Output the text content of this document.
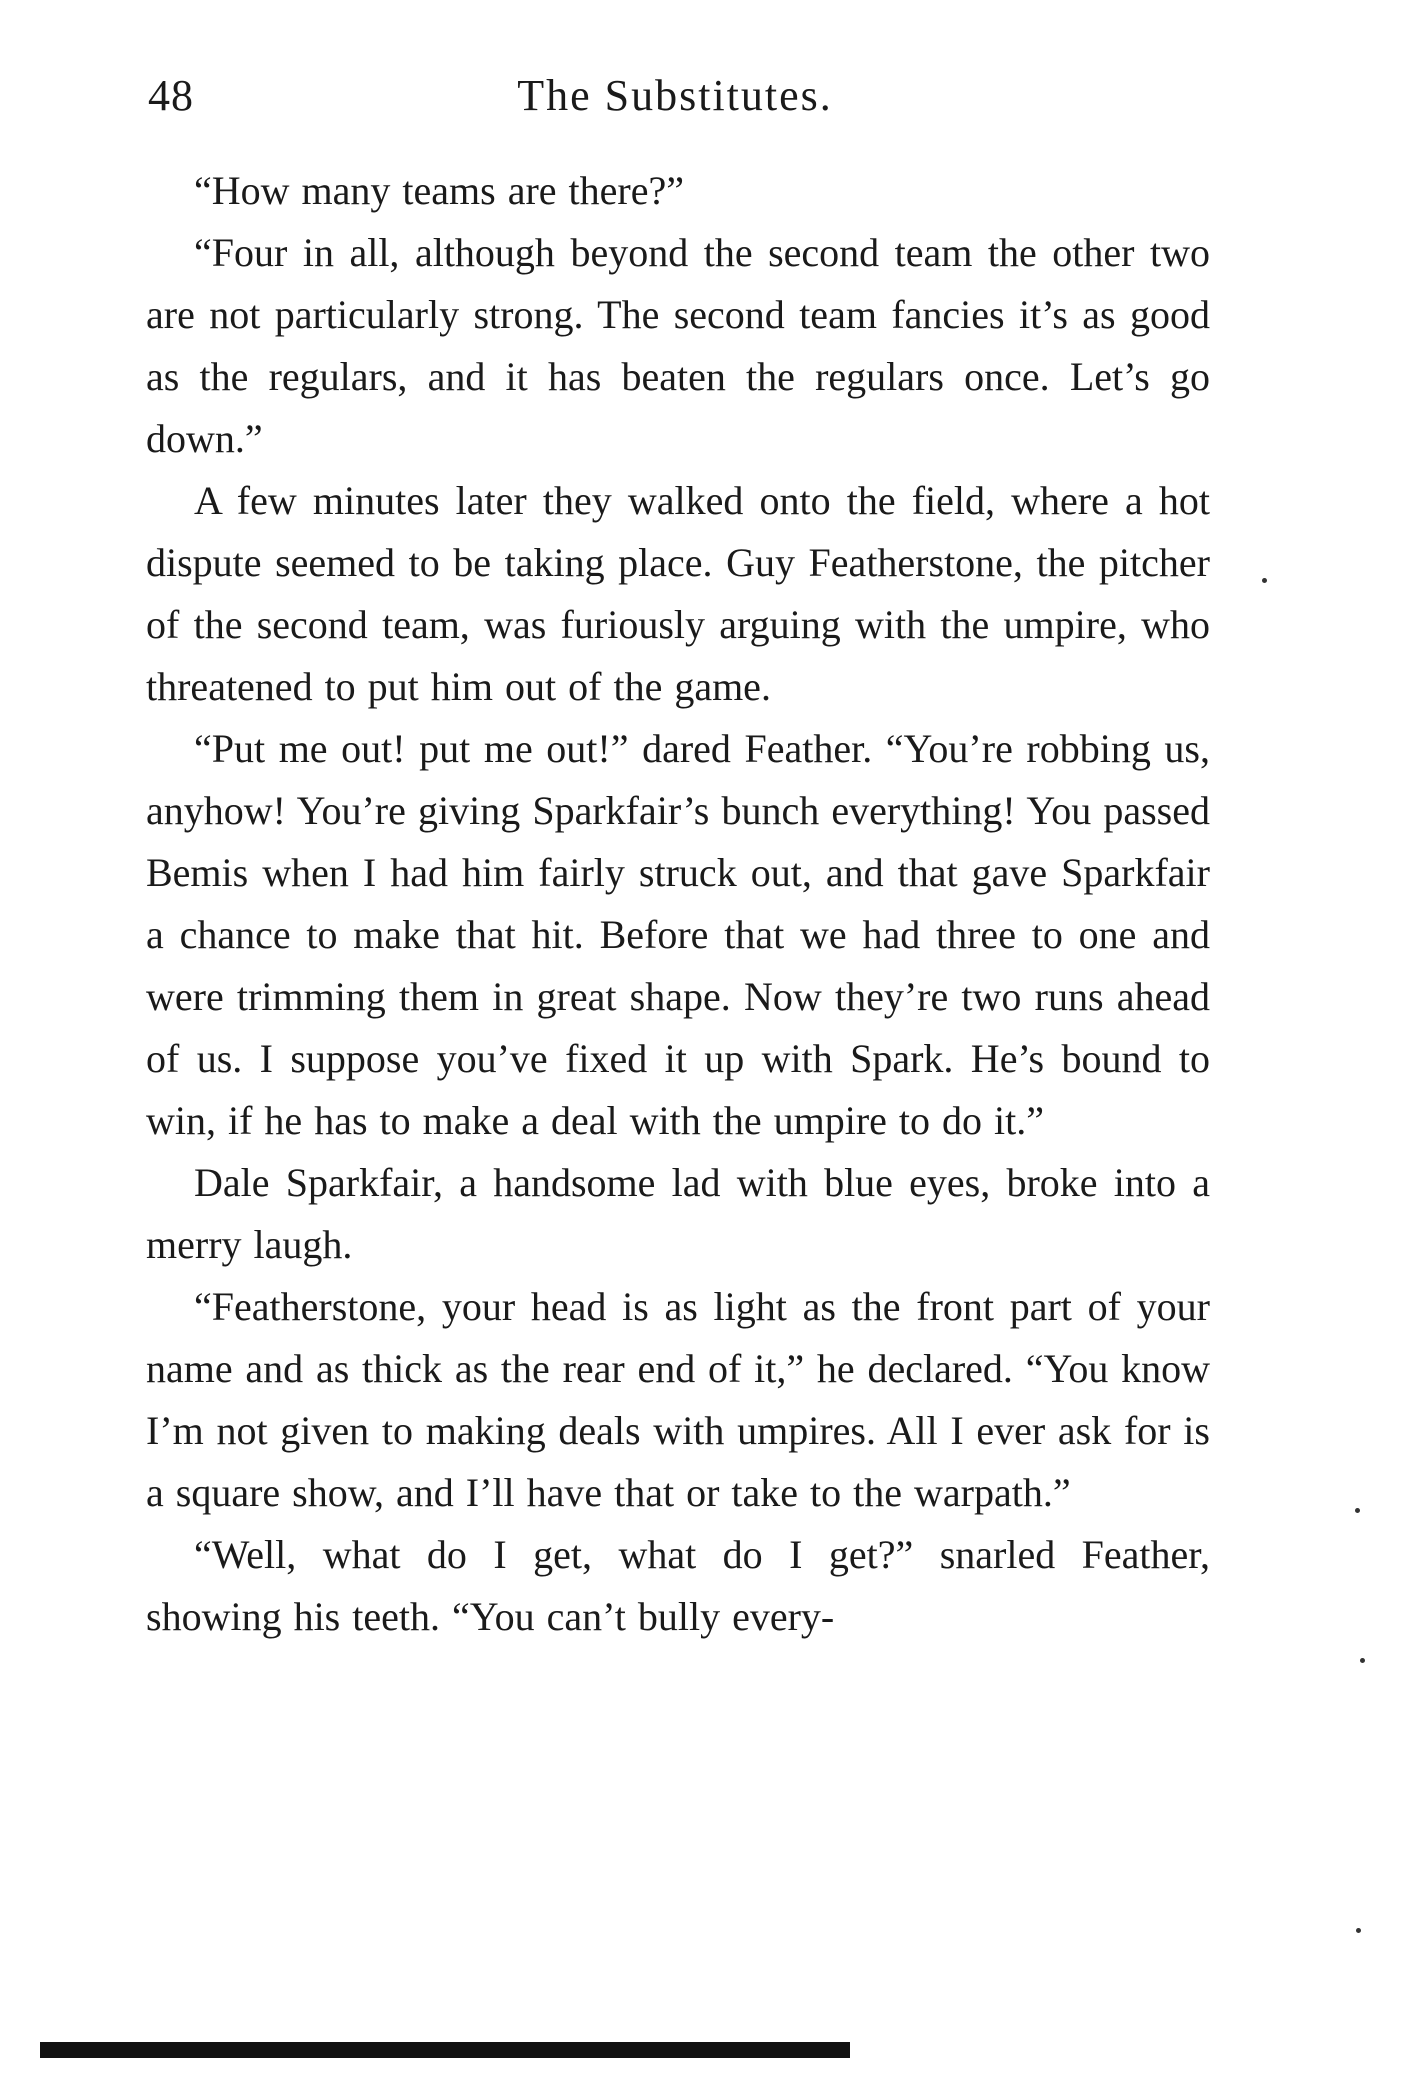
48	The Substitutes.

“How many teams are there?”

“Four in all, although beyond the second team the other two are not particularly strong. The second team fancies it’s as good as the regulars, and it has beaten the regulars once. Let’s go down.”

A few minutes later they walked onto the field, where a hot dispute seemed to be taking place. Guy Featherstone, the pitcher of the second team, was furiously arguing with the umpire, who threatened to put him out of the game.

“Put me out! put me out!” dared Feather. “You’re robbing us, anyhow! You’re giving Sparkfair’s bunch everything! You passed Bemis when I had him fairly struck out, and that gave Sparkfair a chance to make that hit. Before that we had three to one and were trimming them in great shape. Now they’re two runs ahead of us. I suppose you’ve fixed it up with Spark. He’s bound to win, if he has to make a deal with the umpire to do it.”

Dale Sparkfair, a handsome lad with blue eyes, broke into a merry laugh.

“Featherstone, your head is as light as the front part of your name and as thick as the rear end of it,” he declared. “You know I’m not given to making deals with umpires. All I ever ask for is a square show, and I’ll have that or take to the warpath.”

“Well, what do I get, what do I get?” snarled Feather, showing his teeth. “You can’t bully every-
